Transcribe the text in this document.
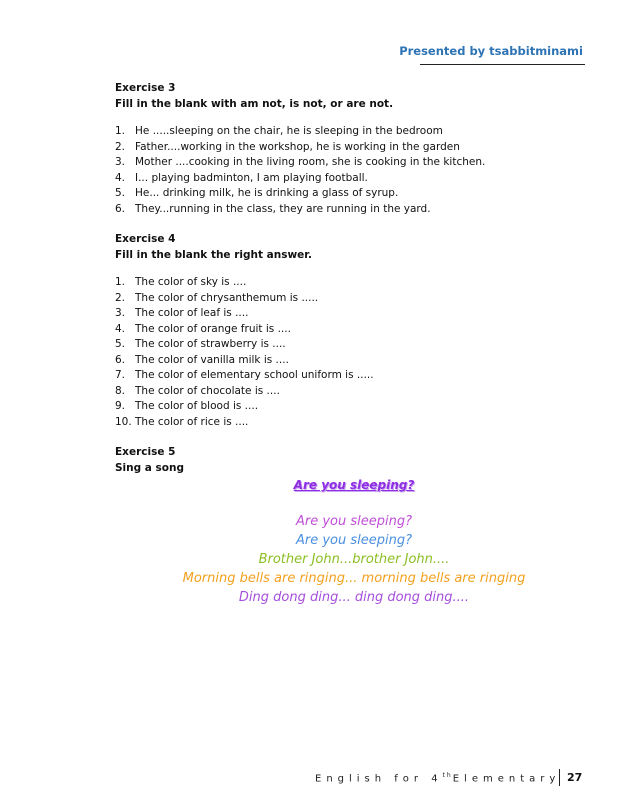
Presented by tsabbitminami
Exercise 3
Fill in the blank with am not, is not, or are not.
1. He .....sleeping on the chair, he is sleeping in the bedroom
2. Father....working in the workshop, he is working in the garden
3. Mother ....cooking in the living room, she is cooking in the kitchen.
4. I... playing badminton, I am playing football.
5. He... drinking milk, he is drinking a glass of syrup.
6. They...running in the class, they are running in the yard.
Exercise 4
Fill in the blank the right answer.
1. The color of sky is ....
2. The color of chrysanthemum is .....
3. The color of leaf is ....
4. The color of orange fruit is ....
5. The color of strawberry is ....
6. The color of vanilla milk is ....
7. The color of elementary school uniform is .....
8. The color of chocolate is ....
9. The color of blood is ....
10. The color of rice is ....
Exercise 5
Sing a song
Are you sleeping?
Are you sleeping?
Are you sleeping?
Brother John...brother John....
Morning bells are ringing... morning bells are ringing
Ding dong ding... ding dong ding....
English for 4thElementary 27
